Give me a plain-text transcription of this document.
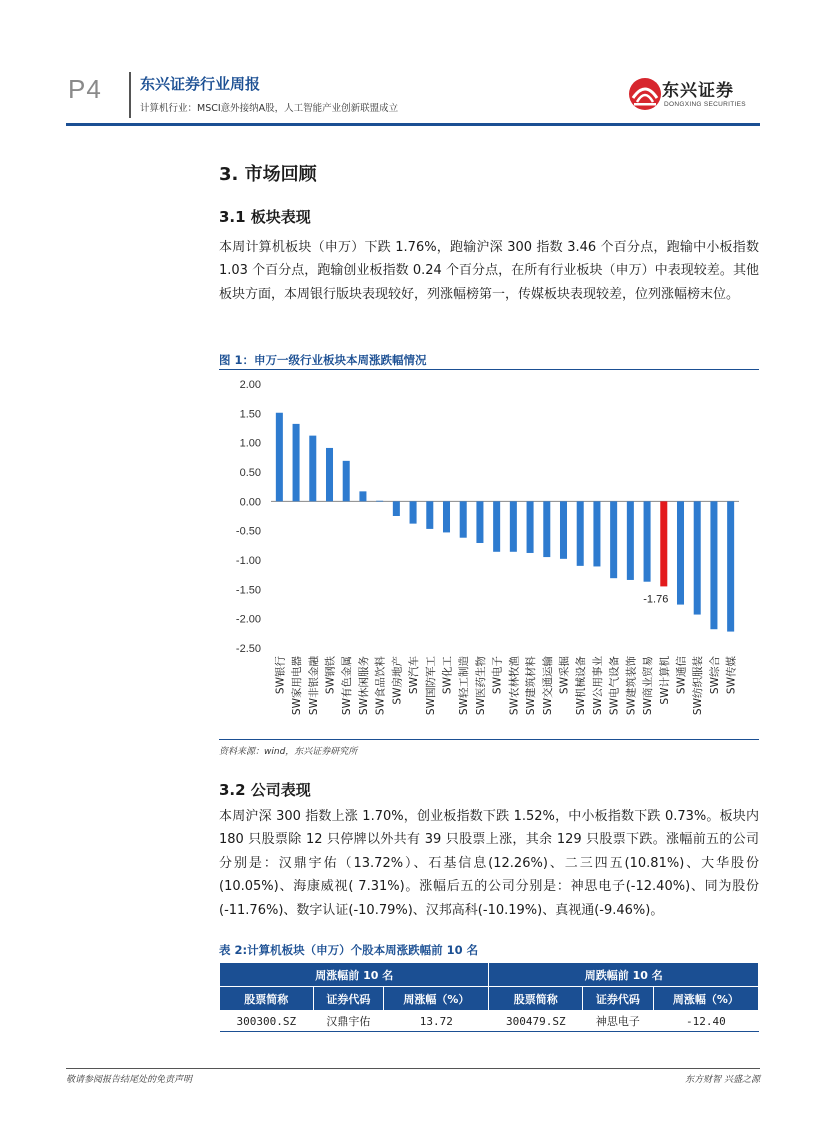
P4	东兴证券行业周报
计算机行业：MSCI意外接纳A股，人工智能产业创新联盟成立
东兴证券
DONGXING SECURITIES
3. 市场回顾
3.1 板块表现
本周计算机板块（申万）下跌 1.76%，跑输沪深 300 指数 3.46 个百分点，跑输中小板指数 1.03 个百分点，跑输创业板指数 0.24 个百分点，在所有行业板块（申万）中表现较差。其他板块方面，本周银行版块表现较好，列涨幅榜第一，传媒板块表现较差，位列涨幅榜末位。
图 1：申万一级行业板块本周涨跌幅情况
2.00
1.50
1.00
0.50
0.00
-0.50
-1.00
-1.50
-2.00
-2.50
SW银行 SW家用电器 SW非银金融 SW钢铁 SW有色金属 SW休闲服务 SW食品饮料 SW房地产 SW汽车 SW国防军工 SW化工 SW轻工制造 SW医药生物 SW电子 SW农林牧渔 SW建筑材料 SW交通运输 SW采掘 SW机械设备 SW公用事业 SW电气设备 SW建筑装饰 SW商业贸易 SW计算机 SW通信 SW纺织服装 SW综合 SW传媒
-1.76
资料来源：wind，东兴证券研究所
3.2 公司表现
本周沪深 300 指数上涨 1.70%，创业板指数下跌 1.52%，中小板指数下跌 0.73%。板块内 180 只股票除 12 只停牌以外共有 39 只股票上涨，其余 129 只股票下跌。涨幅前五的公司分别是：汉鼎宇佑（13.72%）、石基信息(12.26%)、二三四五(10.81%)、大华股份(10.05%)、海康威视( 7.31%)。涨幅后五的公司分别是：神思电子(-12.40%)、同为股份(-11.76%)、数字认证(-10.79%)、汉邦高科(-10.19%)、真视通(-9.46%)。
表 2:计算机板块（申万）个股本周涨跌幅前 10 名
周涨幅前 10 名			周跌幅前 10 名		
股票简称	证券代码	周涨幅（%）	股票简称	证券代码	周涨幅（%）
300300.SZ	汉鼎宇佑	13.72	300479.SZ	神思电子	-12.40
敬请参阅报告结尾处的免责声明	东方财智 兴盛之源
